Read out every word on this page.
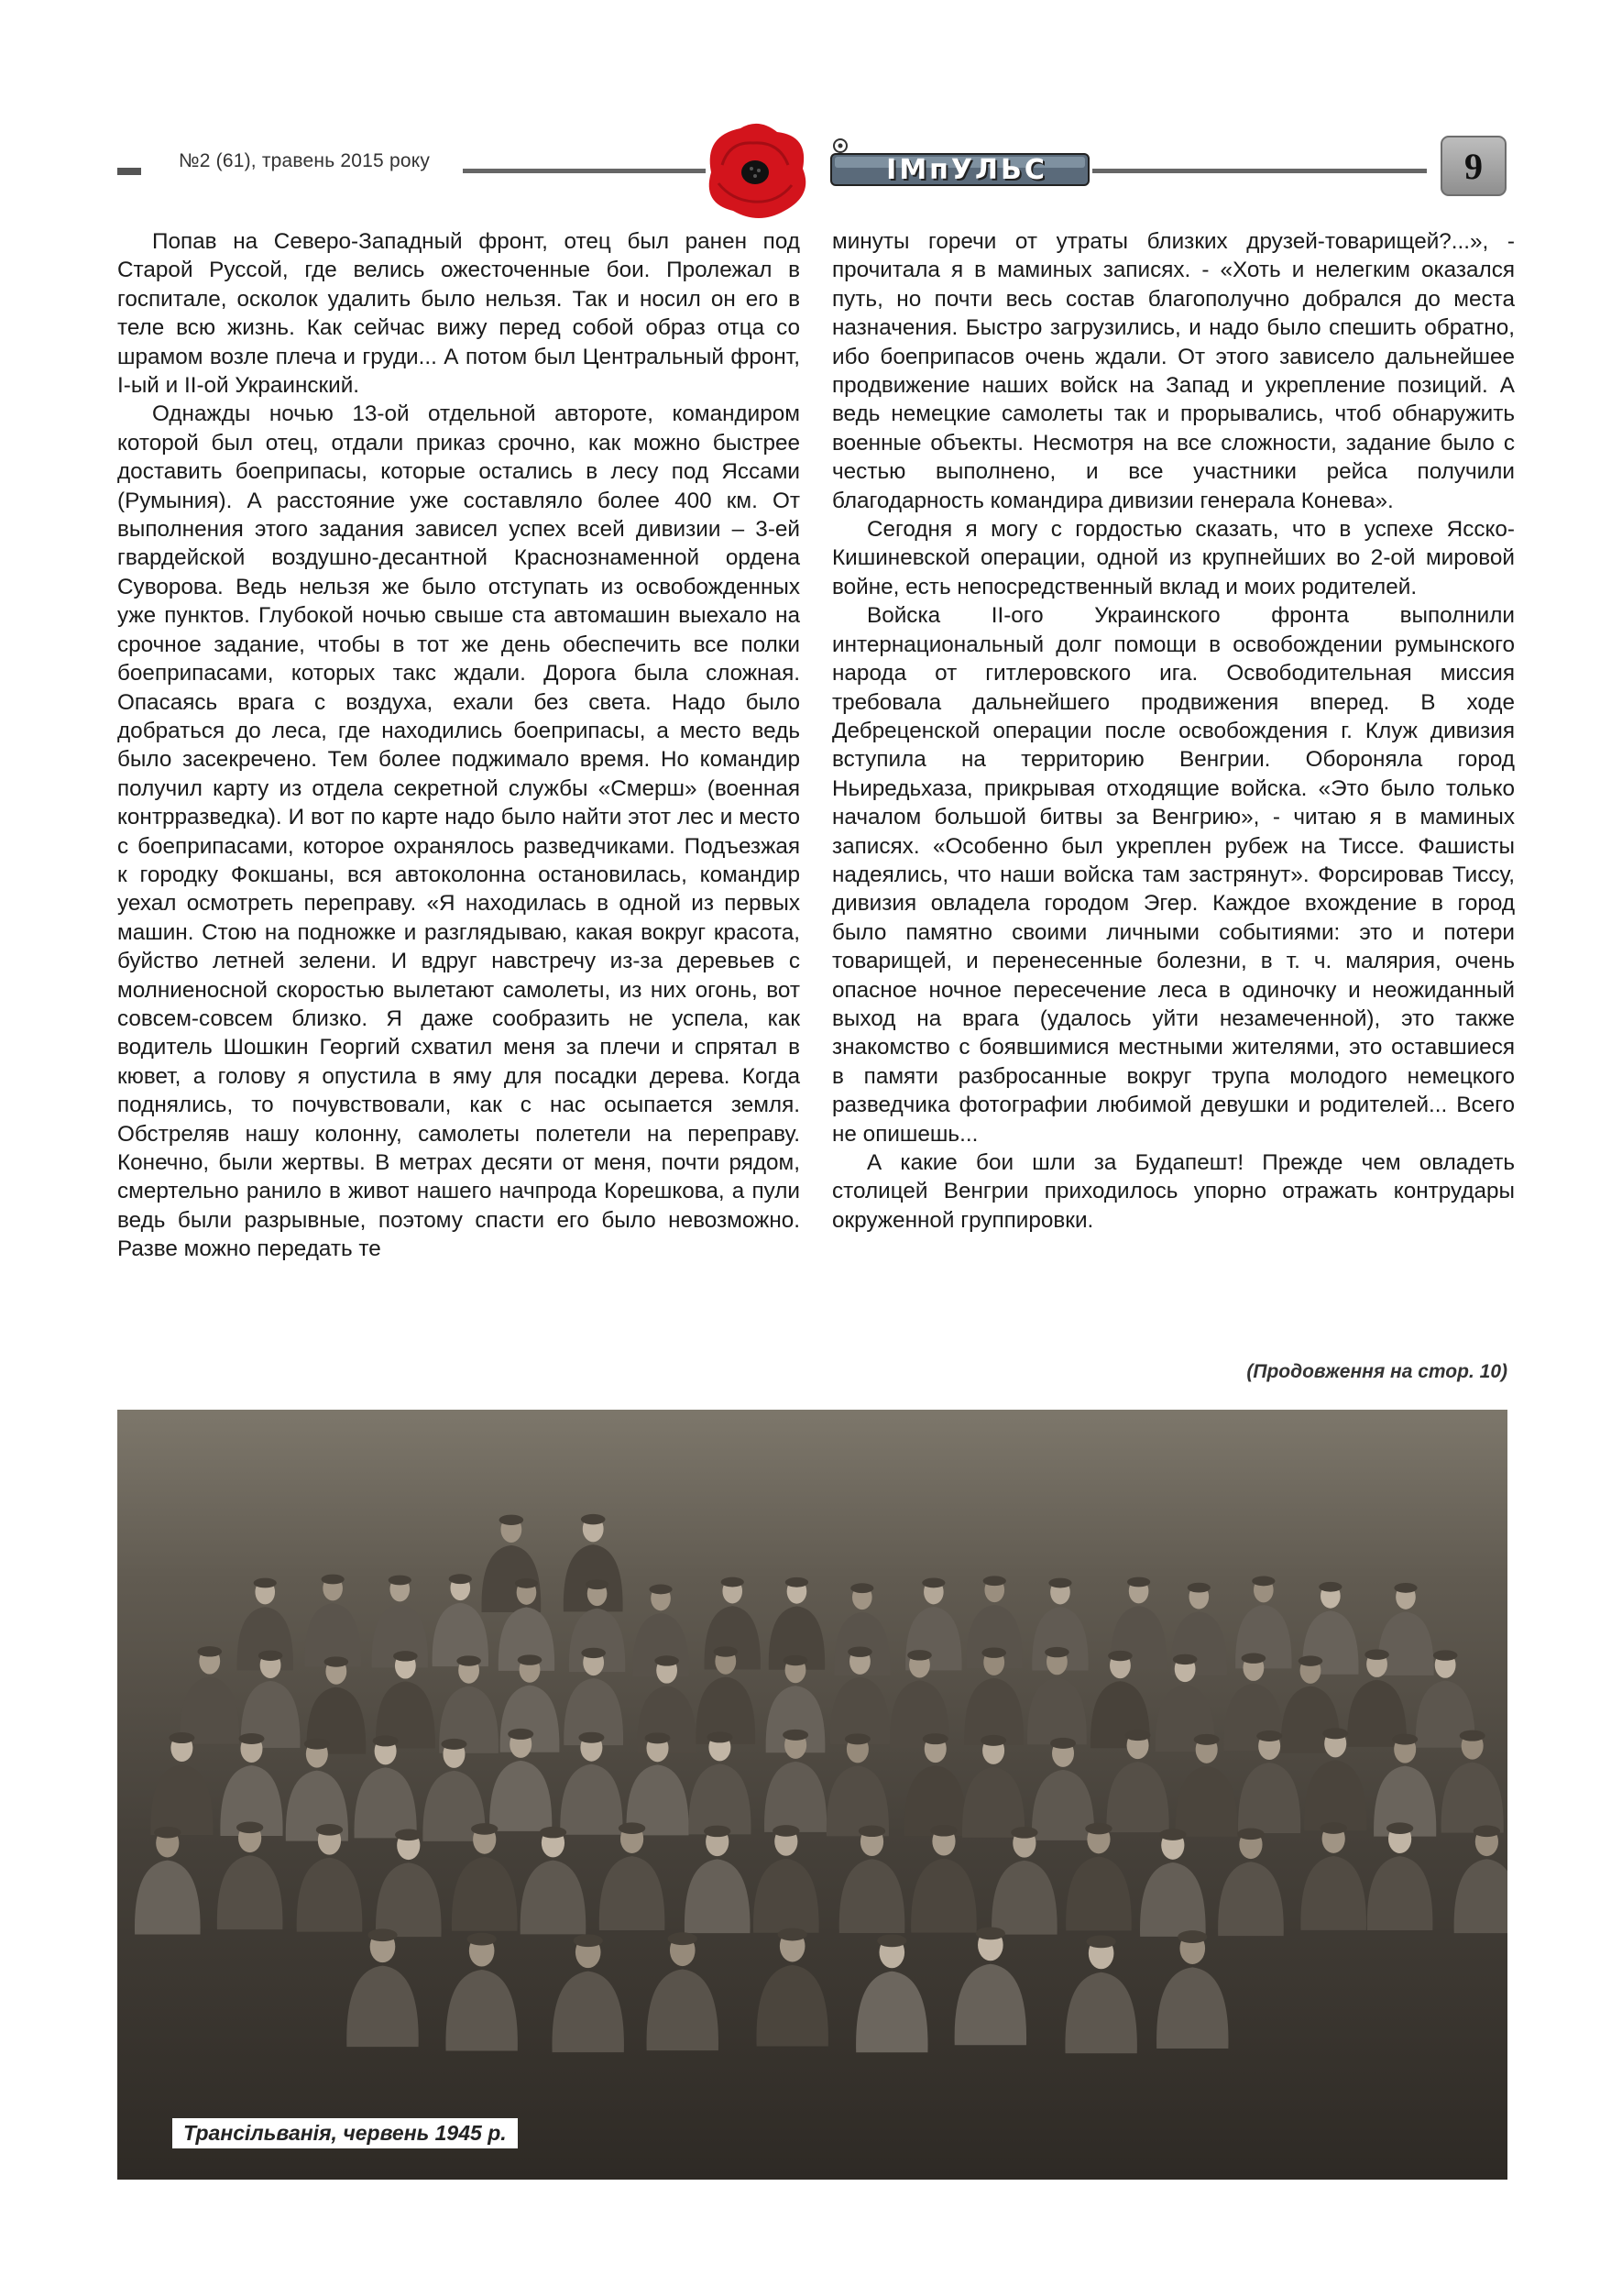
№2 (61), травень 2015 року	ІМпУЛЬС	9

Попав на Северо-Западный фронт, отец был ранен под Старой Руссой, где велись ожесточенные бои. Пролежал в госпитале, осколок удалить было нельзя. Так и носил он его в теле всю жизнь. Как сейчас вижу перед собой образ отца со шрамом возле плеча и груди... А потом был Центральный фронт, I-ый и II-ой Украинский.

Однажды ночью 13-ой отдельной автороте, командиром которой был отец, отдали приказ срочно, как можно быстрее доставить боеприпасы, которые остались в лесу под Яссами (Румыния). А расстояние уже составляло более 400 км. От выполнения этого задания зависел успех всей дивизии – 3-ей гвардейской воздушно-десантной Краснознаменной ордена Суворова. Ведь нельзя же было отступать из освобожденных уже пунктов. Глубокой ночью свыше ста автомашин выехало на срочное задание, чтобы в тот же день обеспечить все полки боеприпасами, которых такс ждали. Дорога была сложная. Опасаясь врага с воздуха, ехали без света. Надо было добраться до леса, где находились боеприпасы, а место ведь было засекречено. Тем более поджимало время. Но командир получил карту из отдела секретной службы «Смерш» (военная контрразведка). И вот по карте надо было найти этот лес и место с боеприпасами, которое охранялось разведчиками. Подъезжая к городку Фокшаны, вся автоколонна остановилась, командир уехал осмотреть переправу. «Я находилась в одной из первых машин. Стою на подножке и разглядываю, какая вокруг красота, буйство летней зелени. И вдруг навстречу из-за деревьев с молниеносной скоростью вылетают самолеты, из них огонь, вот совсем-совсем близко. Я даже сообразить не успела, как водитель Шошкин Георгий схватил меня за плечи и спрятал в кювет, а голову я опустила в яму для посадки дерева. Когда поднялись, то почувствовали, как с нас осыпается земля. Обстреляв нашу колонну, самолеты полетели на переправу. Конечно, были жертвы. В метрах десяти от меня, почти рядом, смертельно ранило в живот нашего начпрода Корешкова, а пули ведь были разрывные, поэтому спасти его было невозможно. Разве можно передать те

минуты горечи от утраты близких друзей-товарищей?...», - прочитала я в маминых записях. - «Хоть и нелегким оказался путь, но почти весь состав благополучно добрался до места назначения. Быстро загрузились, и надо было спешить обратно, ибо боеприпасов очень ждали. От этого зависело дальнейшее продвижение наших войск на Запад и укрепление позиций. А ведь немецкие самолеты так и прорывались, чтоб обнаружить военные объекты. Несмотря на все сложности, задание было с честью выполнено, и все участники рейса получили благодарность командира дивизии генерала Конева».

Сегодня я могу с гордостью сказать, что в успехе Ясско-Кишиневской операции, одной из крупнейших во 2-ой мировой войне, есть непосредственный вклад и моих родителей.

Войска II-ого Украинского фронта выполнили интернациональный долг помощи в освобождении румынского народа от гитлеровского ига. Освободительная миссия требовала дальнейшего продвижения вперед. В ходе Дебреценской операции после освобождения г. Клуж дивизия вступила на территорию Венгрии. Обороняла город Ньиредьхаза, прикрывая отходящие войска. «Это было только началом большой битвы за Венгрию», - читаю я в маминых записях. «Особенно был укреплен рубеж на Тиссе. Фашисты надеялись, что наши войска там застрянут». Форсировав Тиссу, дивизия овладела городом Эгер. Каждое вхождение в город было памятно своими личными событиями: это и потери товарищей, и перенесенные болезни, в т. ч. малярия, очень опасное ночное пересечение леса в одиночку и неожиданный выход на врага (удалось уйти незамеченной), это также знакомство с боявшимися местными жителями, это оставшиеся в памяти разбросанные вокруг трупа молодого немецкого разведчика фотографии любимой девушки и родителей... Всего не опишешь...

А какие бои шли за Будапешт! Прежде чем овладеть столицей Венгрии приходилось упорно отражать контрудары окруженной группировки.

(Продовження на стор. 10)
Трансільванія, червень 1945 р.
